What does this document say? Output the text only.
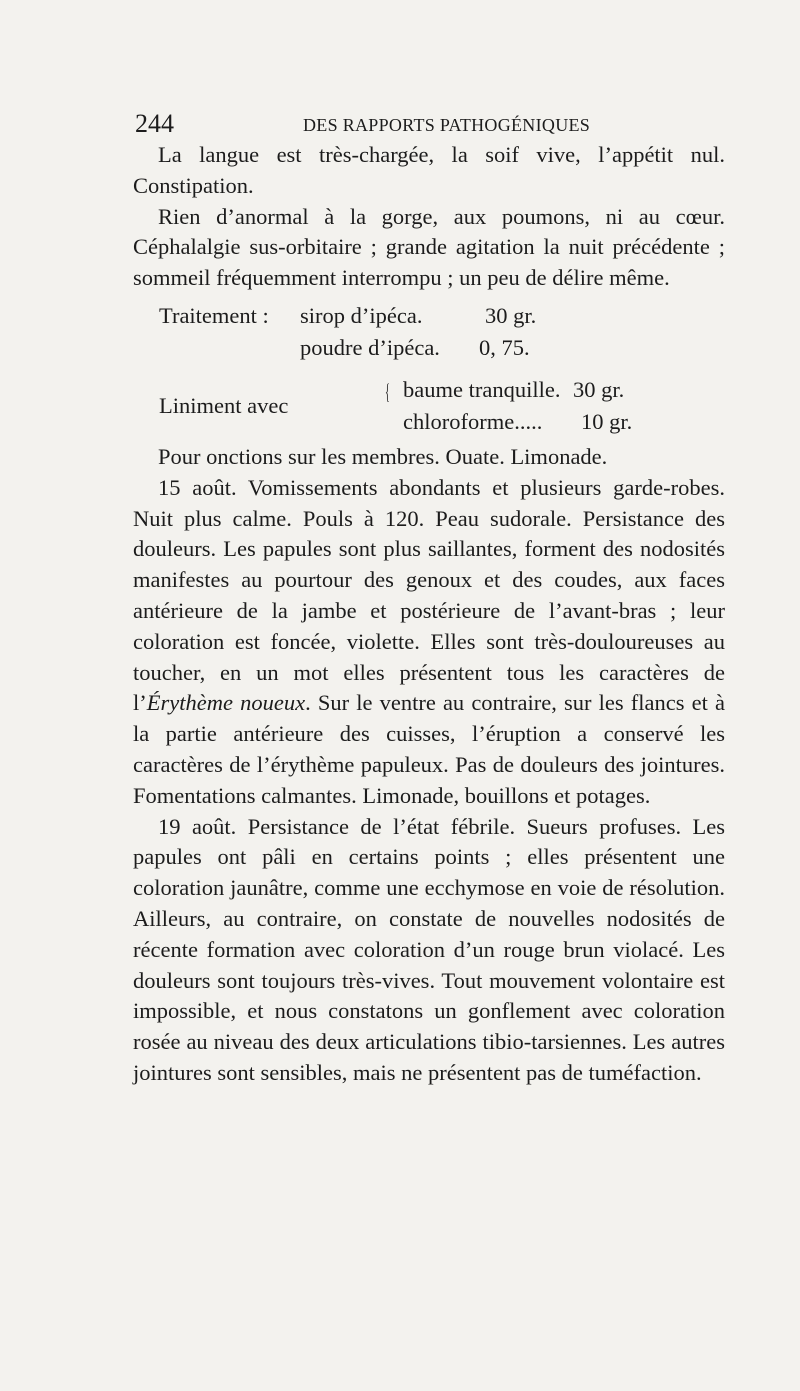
244	DES RAPPORTS PATHOGÉNIQUES

La langue est très-chargée, la soif vive, l’appétit nul. Constipation.

Rien d’anormal à la gorge, aux poumons, ni au cœur. Céphalalgie sus-orbitaire ; grande agitation la nuit précédente ; sommeil fréquemment interrompu ; un peu de délire même.

Traitement : sirop d’ipéca.	30 gr.
poudre d’ipéca. 0, 75.
Liniment avec
{ baume tranquille. 30 gr.
chloroforme..... 10 gr.

Pour onctions sur les membres. Ouate. Limonade.

15 août. Vomissements abondants et plusieurs garde-robes. Nuit plus calme. Pouls à 120. Peau sudorale. Persistance des douleurs. Les papules sont plus saillantes, forment des nodosités manifestes au pourtour des genoux et des coudes, aux faces antérieure de la jambe et postérieure de l’avant-bras ; leur coloration est foncée, violette. Elles sont très-douloureuses au toucher, en un mot elles présentent tous les caractères de l’Érythème noueux. Sur le ventre au contraire, sur les flancs et à la partie antérieure des cuisses, l’éruption a conservé les caractères de l’érythème papuleux. Pas de douleurs des jointures. Fomentations calmantes. Limonade, bouillons et potages.

19 août. Persistance de l’état fébrile. Sueurs profuses. Les papules ont pâli en certains points ; elles présentent une coloration jaunâtre, comme une ecchymose en voie de résolution. Ailleurs, au contraire, on constate de nouvelles nodosités de récente formation avec coloration d’un rouge brun violacé. Les douleurs sont toujours très-vives. Tout mouvement volontaire est impossible, et nous constatons un gonflement avec coloration rosée au niveau des deux articulations tibio-tarsiennes. Les autres jointures sont sensibles, mais ne présentent pas de tuméfaction.
